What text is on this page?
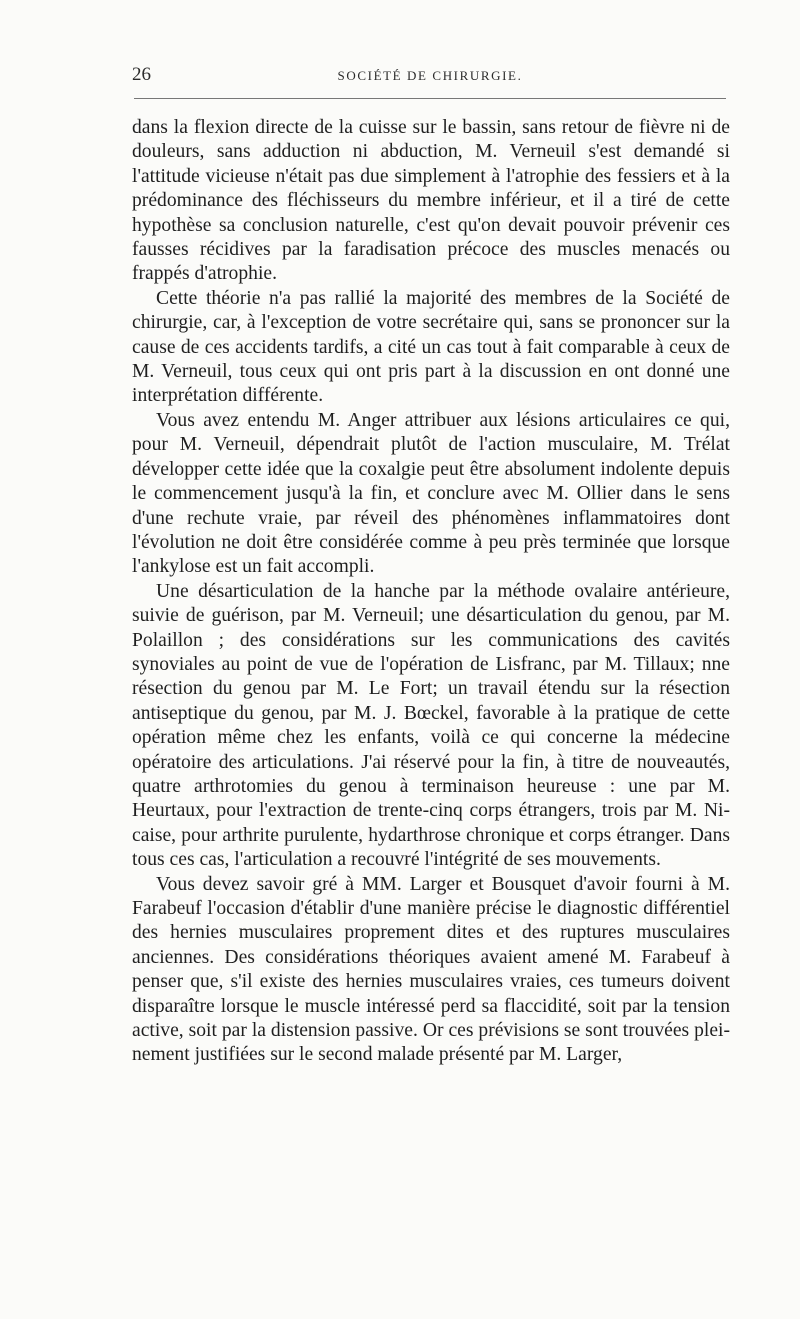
26	SOCIÉTÉ DE CHIRURGIE.

dans la flexion directe de la cuisse sur le bassin, sans retour de fièvre ni de douleurs, sans adduction ni abduction, M. Verneuil s'est demandé si l'attitude vicieuse n'était pas due simplement à l'atrophie des fessiers et à la prédominance des fléchisseurs du membre inférieur, et il a tiré de cette hypothèse sa conclusion naturelle, c'est qu'on devait pouvoir prévenir ces fausses récidives par la faradisation précoce des muscles menacés ou frappés d'atrophie.

Cette théorie n'a pas rallié la majorité des membres de la Société de chirurgie, car, à l'exception de votre secrétaire qui, sans se prononcer sur la cause de ces accidents tardifs, a cité un cas tout à fait comparable à ceux de M. Verneuil, tous ceux qui ont pris part à la discussion en ont donné une interprétation différente.

Vous avez entendu M. Anger attribuer aux lésions articulaires ce qui, pour M. Verneuil, dépendrait plutôt de l'action musculaire, M. Trélat développer cette idée que la coxalgie peut être absolument indolente depuis le commencement jusqu'à la fin, et conclure avec M. Ollier dans le sens d'une rechute vraie, par réveil des phénomènes inflammatoires dont l'évolution ne doit être considérée comme à peu près terminée que lorsque l'ankylose est un fait accompli.

Une désarticulation de la hanche par la méthode ovalaire antérieure, suivie de guérison, par M. Verneuil; une désarticulation du genou, par M. Polaillon ; des considérations sur les communications des cavités synoviales au point de vue de l'opération de Lisfranc, par M. Tillaux; nne résection du genou par M. Le Fort; un travail étendu sur la résection antiseptique du genou, par M. J. Bœckel, favorable à la pratique de cette opération même chez les enfants, voilà ce qui concerne la médecine opératoire des articulations. J'ai réservé pour la fin, à titre de nouveautés, quatre arthrotomies du genou à terminaison heureuse : une par M. Heurtaux, pour l'extraction de trente-cinq corps étrangers, trois par M. Nicaise, pour arthrite purulente, hydarthrose chronique et corps étranger. Dans tous ces cas, l'articulation a recouvré l'intégrité de ses mouvements.

Vous devez savoir gré à MM. Larger et Bousquet d'avoir fourni à M. Farabeuf l'occasion d'établir d'une manière précise le diagnostic différentiel des hernies musculaires proprement dites et des ruptures musculaires anciennes. Des considérations théoriques avaient amené M. Farabeuf à penser que, s'il existe des hernies musculaires vraies, ces tumeurs doivent disparaître lorsque le muscle intéressé perd sa flaccidité, soit par la tension active, soit par la distension passive. Or ces prévisions se sont trouvées pleinement justifiées sur le second malade présenté par M. Larger,
